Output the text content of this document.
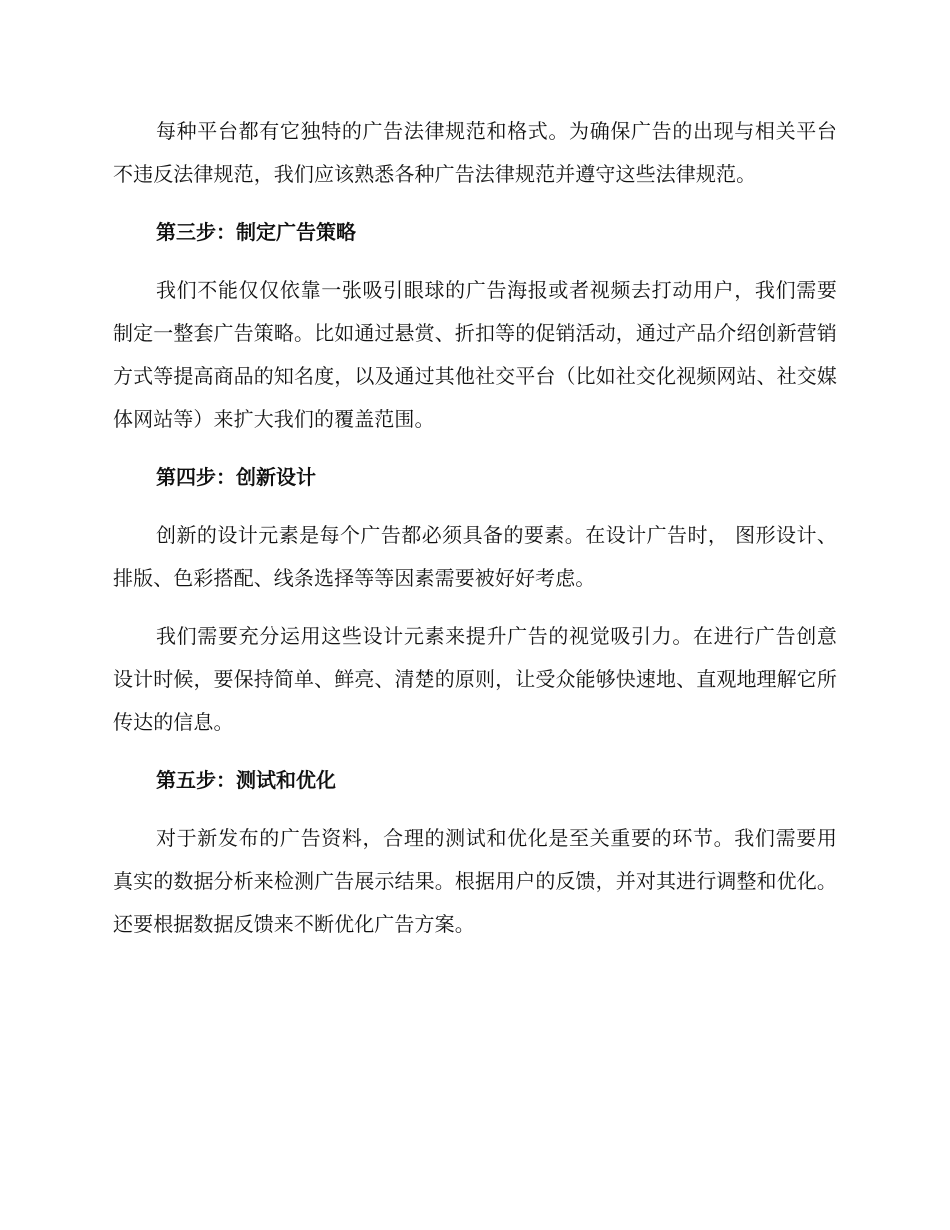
每种平台都有它独特的广告法律规范和格式。为确保广告的出现与相关平台不违反法律规范，我们应该熟悉各种广告法律规范并遵守这些法律规范。

第三步：制定广告策略

我们不能仅仅依靠一张吸引眼球的广告海报或者视频去打动用户，我们需要制定一整套广告策略。比如通过悬赏、折扣等的促销活动，通过产品介绍创新营销方式等提高商品的知名度，以及通过其他社交平台（比如社交化视频网站、社交媒体网站等）来扩大我们的覆盖范围。

第四步：创新设计

创新的设计元素是每个广告都必须具备的要素。在设计广告时， 图形设计、排版、色彩搭配、线条选择等等因素需要被好好考虑。

我们需要充分运用这些设计元素来提升广告的视觉吸引力。在进行广告创意设计时候，要保持简单、鲜亮、清楚的原则，让受众能够快速地、直观地理解它所传达的信息。

第五步：测试和优化

对于新发布的广告资料，合理的测试和优化是至关重要的环节。我们需要用真实的数据分析来检测广告展示结果。根据用户的反馈，并对其进行调整和优化。还要根据数据反馈来不断优化广告方案。
